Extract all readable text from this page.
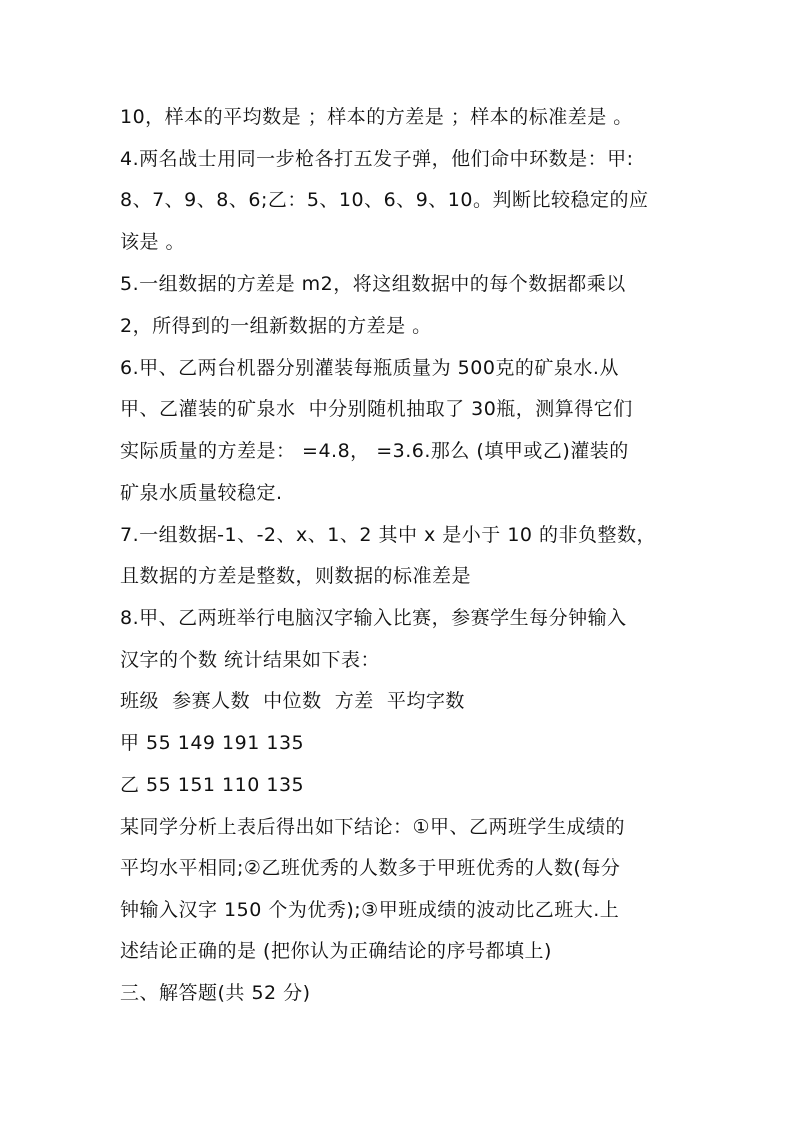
10，样本的平均数是 ；样本的方差是 ；样本的标准差是 。
4.两名战士用同一步枪各打五发子弹，他们命中环数是：甲:
8、7、9、8、6;乙：5、10、6、9、10。判断比较稳定的应
该是 。
5.一组数据的方差是 m2，将这组数据中的每个数据都乘以
2，所得到的一组新数据的方差是 。
6.甲、乙两台机器分别灌装每瓶质量为 500克的矿泉水.从
甲、乙灌装的矿泉水  中分别随机抽取了 30瓶，测算得它们
实际质量的方差是： =4.8， =3.6.那么 (填甲或乙)灌装的
矿泉水质量较稳定.
7.一组数据-1、-2、x、1、2 其中 x 是小于 10 的非负整数，
且数据的方差是整数，则数据的标准差是
8.甲、乙两班举行电脑汉字输入比赛，参赛学生每分钟输入
汉字的个数 统计结果如下表：
班级  参赛人数  中位数  方差  平均字数
甲 55 149 191 135
乙 55 151 110 135
某同学分析上表后得出如下结论：①甲、乙两班学生成绩的
平均水平相同;②乙班优秀的人数多于甲班优秀的人数(每分
钟输入汉字 150 个为优秀);③甲班成绩的波动比乙班大.上
述结论正确的是 (把你认为正确结论的序号都填上)
三、解答题(共 52 分)
